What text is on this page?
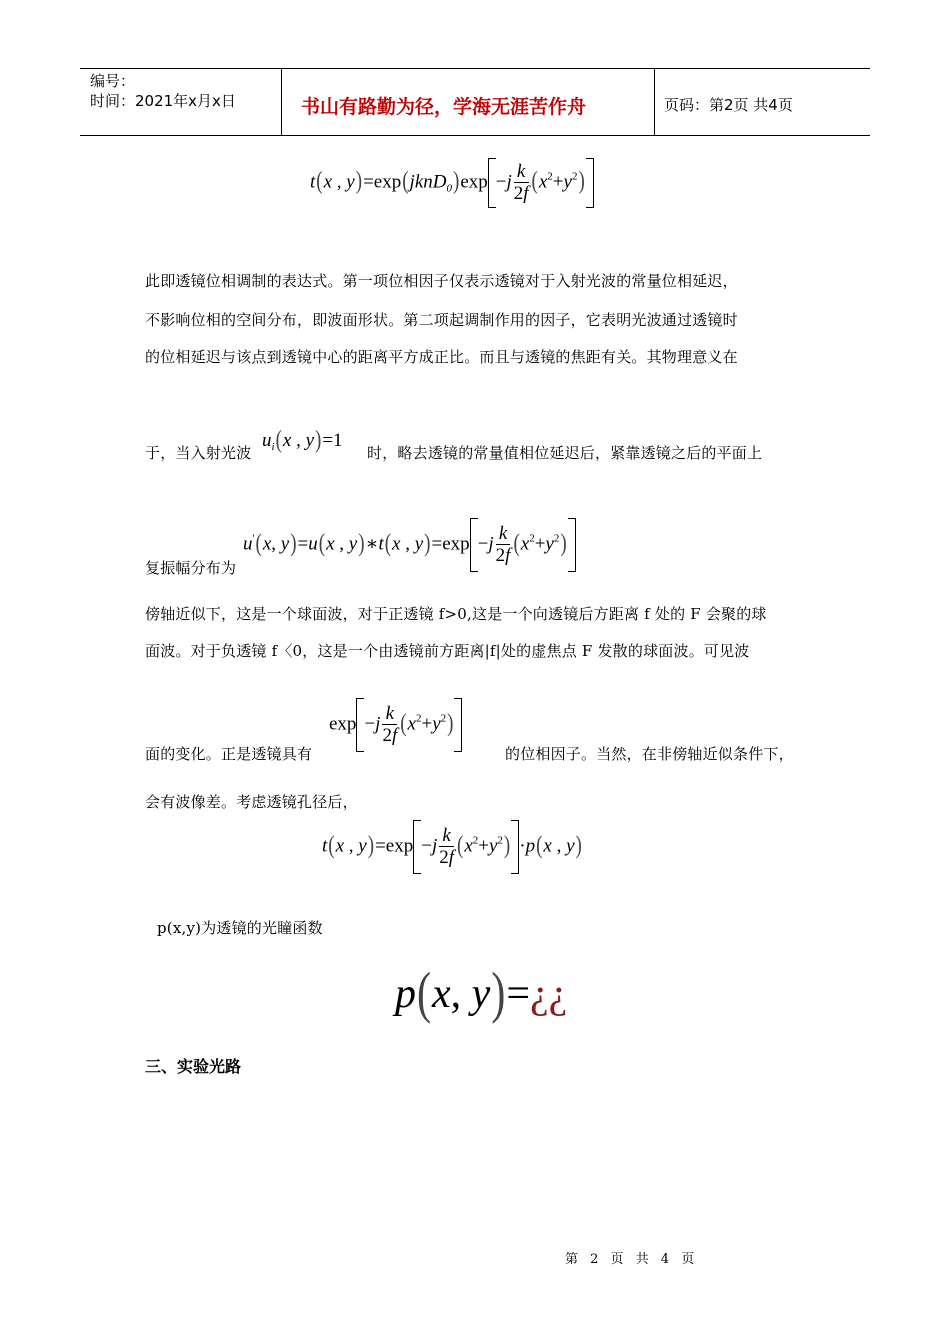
编号：
时间：2021年x月x日	书山有路勤为径，学海无涯苦作舟	页码：第2页 共4页
t(x , y)=exp(jknD$_0$)exp $-j \frac{k}{2f} (x^2+y^2)$
此即透镜位相调制的表达式。第一项位相因子仅表示透镜对于入射光波的常量位相延迟，
不影响位相的空间分布，即波面形状。第二项起调制作用的因子，它表明光波通过透镜时
的位相延迟与该点到透镜中心的距离平方成正比。而且与透镜的焦距有关。其物理意义在
于，当入射光波
$u_i(x$ , y)=1
时，略去透镜的常量值相位延迟后，紧靠透镜之后的平面上
u'(x, y)=u(x , y)∗t(x , $y)=\exp -j \frac{k}{2f} (x^2+y^2)$
复振幅分布为
傍轴近似下，这是一个球面波，对于正透镜 f>0,这是一个向透镜后方距离 f 处的 F 会聚的球
面波。对于负透镜 f〈0，这是一个由透镜前方距离|f|处的虚焦点 F 发散的球面波。可见波
$\exp -j \frac{k}{2f} (x^2+y^2)$
面的变化。正是透镜具有	的位相因子。当然，在非傍轴近似条件下，
会有波像差。考虑透镜孔径后，
t(x , $y)=\exp -j \frac{k}{2f} (x^2+y^2) \cdot p(x$ , y)
p(x,y)为透镜的光瞳函数
p(x, y)=¿¿
三、实验光路
第 2 页 共 4 页
